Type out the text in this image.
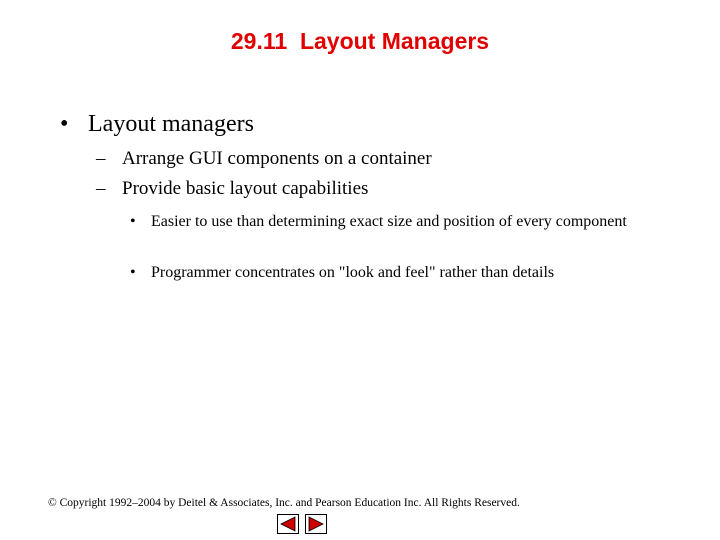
29.11  Layout Managers
• Layout managers
– Arrange GUI components on a container
– Provide basic layout capabilities
• Easier to use than determining exact size and position of every component
• Programmer concentrates on "look and feel" rather than details
© Copyright 1992–2004 by Deitel & Associates, Inc. and Pearson Education Inc. All Rights Reserved.
